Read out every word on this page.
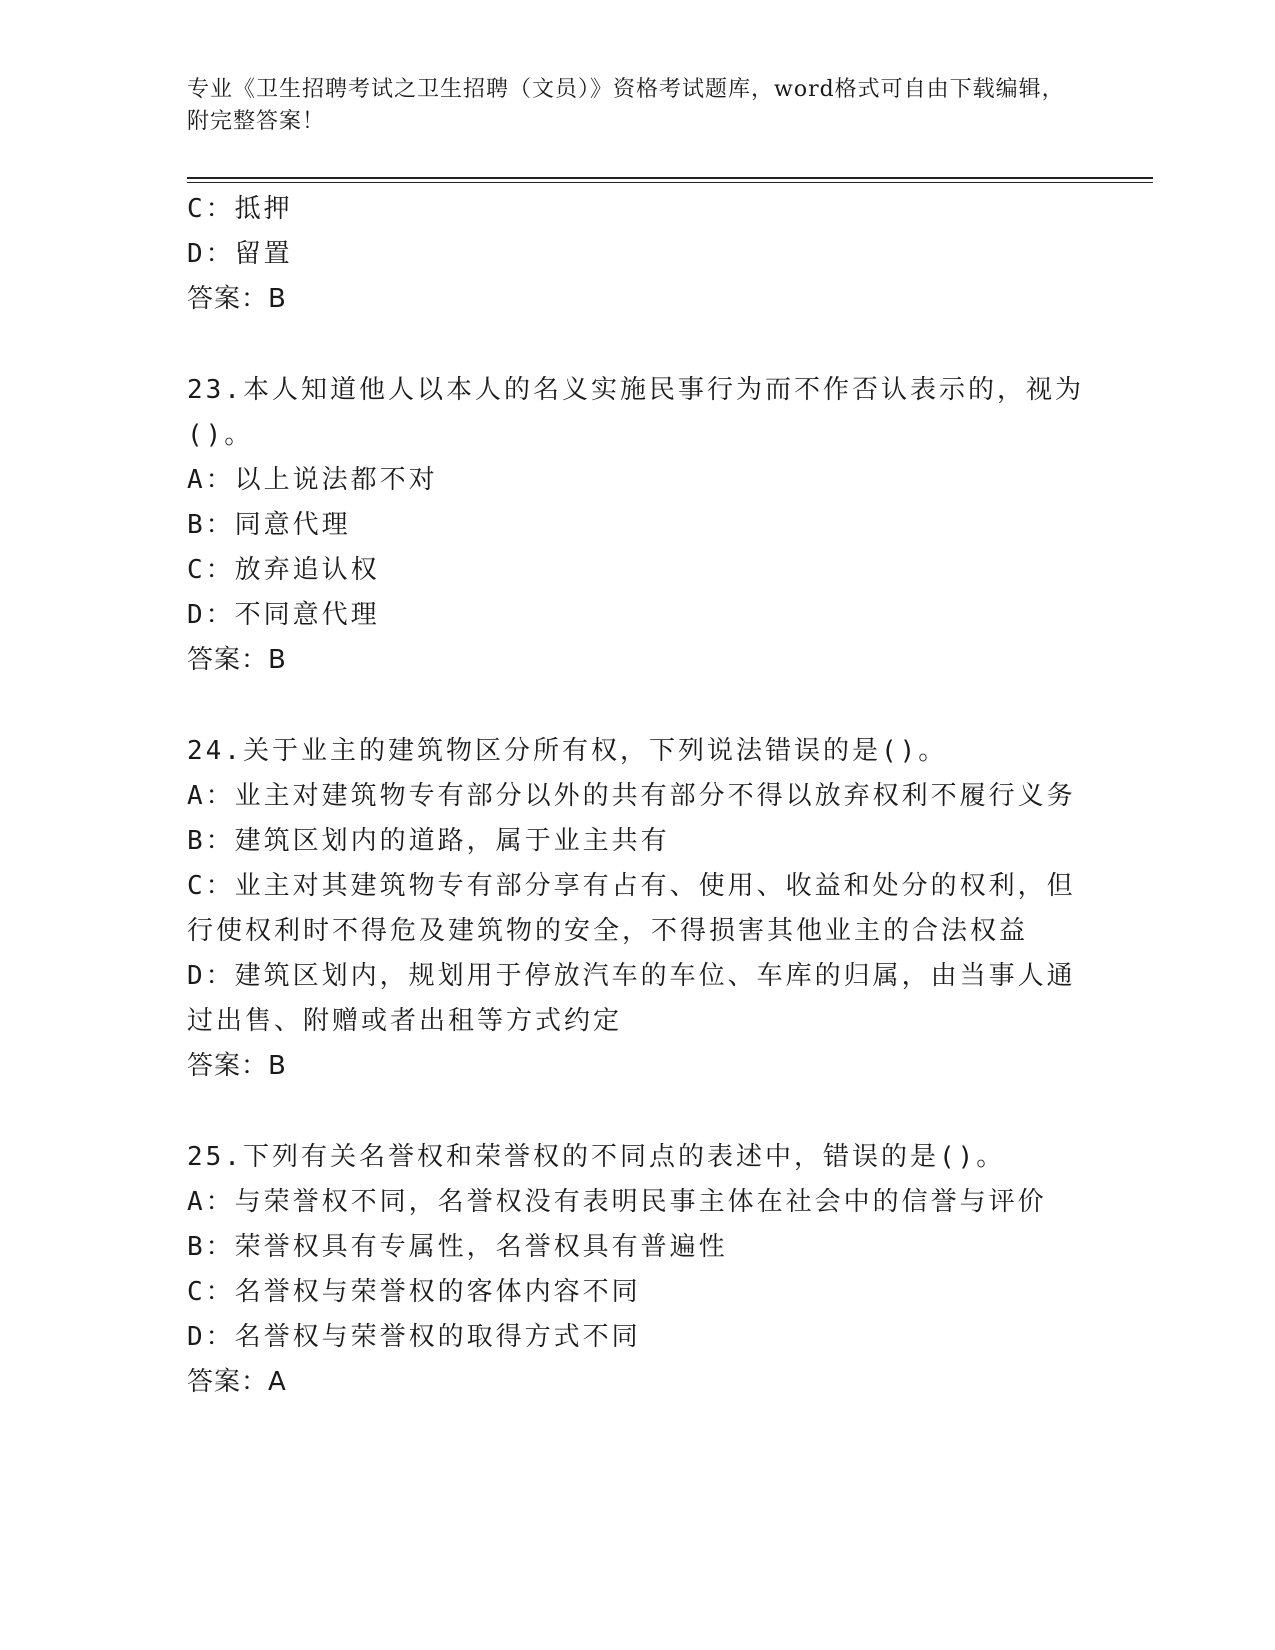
专业《卫生招聘考试之卫生招聘（文员）》资格考试题库，word格式可自由下载编辑，附完整答案！

C：抵押

D：留置

答案：B

23.本人知道他人以本人的名义实施民事行为而不作否认表示的，视为()。

A：以上说法都不对

B：同意代理

C：放弃追认权

D：不同意代理

答案：B

24.关于业主的建筑物区分所有权，下列说法错误的是()。

A：业主对建筑物专有部分以外的共有部分不得以放弃权利不履行义务

B：建筑区划内的道路，属于业主共有

C：业主对其建筑物专有部分享有占有、使用、收益和处分的权利，但行使权利时不得危及建筑物的安全，不得损害其他业主的合法权益

D：建筑区划内，规划用于停放汽车的车位、车库的归属，由当事人通过出售、附赠或者出租等方式约定

答案：B

25.下列有关名誉权和荣誉权的不同点的表述中，错误的是()。

A：与荣誉权不同，名誉权没有表明民事主体在社会中的信誉与评价

B：荣誉权具有专属性，名誉权具有普遍性

C：名誉权与荣誉权的客体内容不同

D：名誉权与荣誉权的取得方式不同

答案：A
